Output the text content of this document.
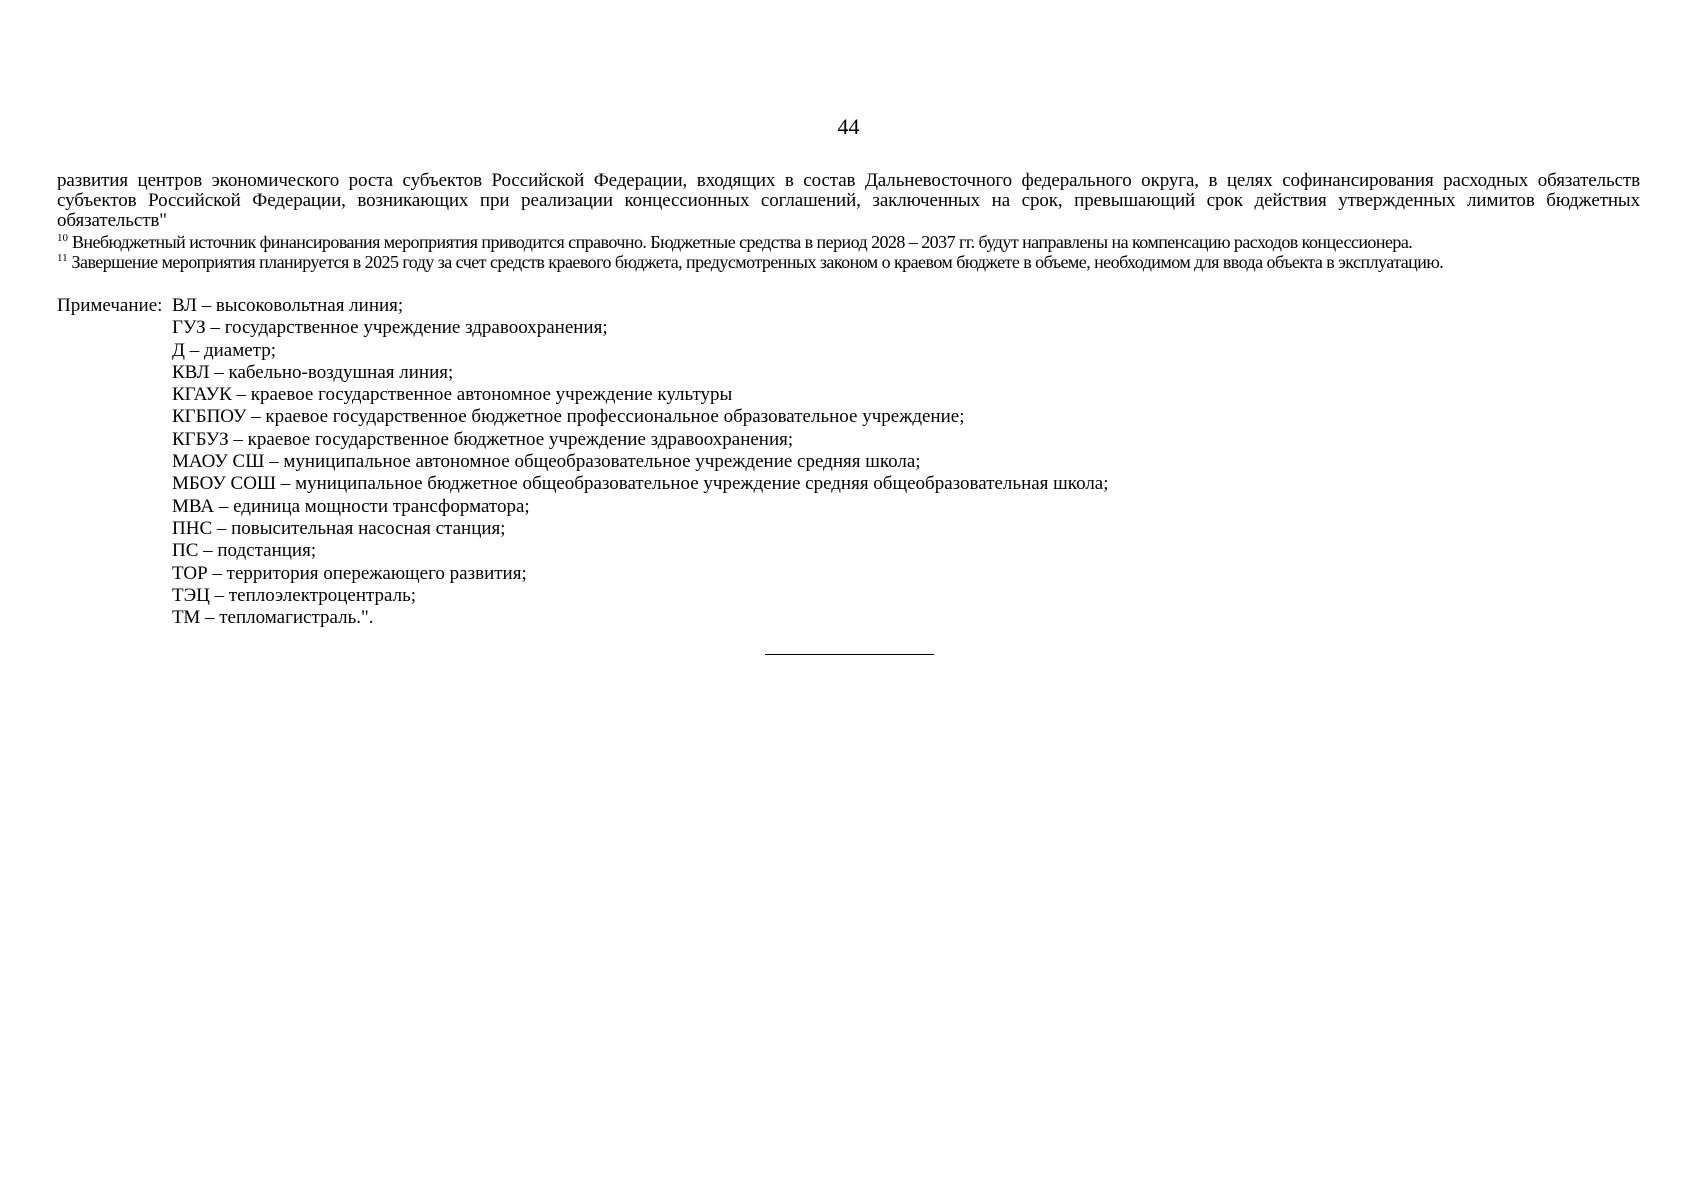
44
развития центров экономического роста субъектов Российской Федерации, входящих в состав Дальневосточного федерального округа, в целях софинансирования расходных обязательств субъектов Российской Федерации, возникающих при реализации концессионных соглашений, заключенных на срок, превышающий срок действия утвержденных лимитов бюджетных обязательств"
$^{10}$ Внебюджетный источник финансирования мероприятия приводится справочно. Бюджетные средства в период 2028 – 2037 гг. будут направлены на компенсацию расходов концессионера.
$^{11}$ Завершение мероприятия планируется в 2025 году за счет средств краевого бюджета, предусмотренных законом о краевом бюджете в объеме, необходимом для ввода объекта в эксплуатацию.
Примечание: ВЛ – высоковольтная линия;
ГУЗ – государственное учреждение здравоохранения;
Д – диаметр;
КВЛ – кабельно-воздушная линия;
КГАУК – краевое государственное автономное учреждение культуры
КГБПОУ – краевое государственное бюджетное профессиональное образовательное учреждение;
КГБУЗ – краевое государственное бюджетное учреждение здравоохранения;
МАОУ СШ – муниципальное автономное общеобразовательное учреждение средняя школа;
МБОУ СОШ – муниципальное бюджетное общеобразовательное учреждение средняя общеобразовательная школа;
МВА – единица мощности трансформатора;
ПНС – повысительная насосная станция;
ПС – подстанция;
ТОР – территория опережающего развития;
ТЭЦ – теплоэлектроцентраль;
ТМ – тепломагистраль.".
